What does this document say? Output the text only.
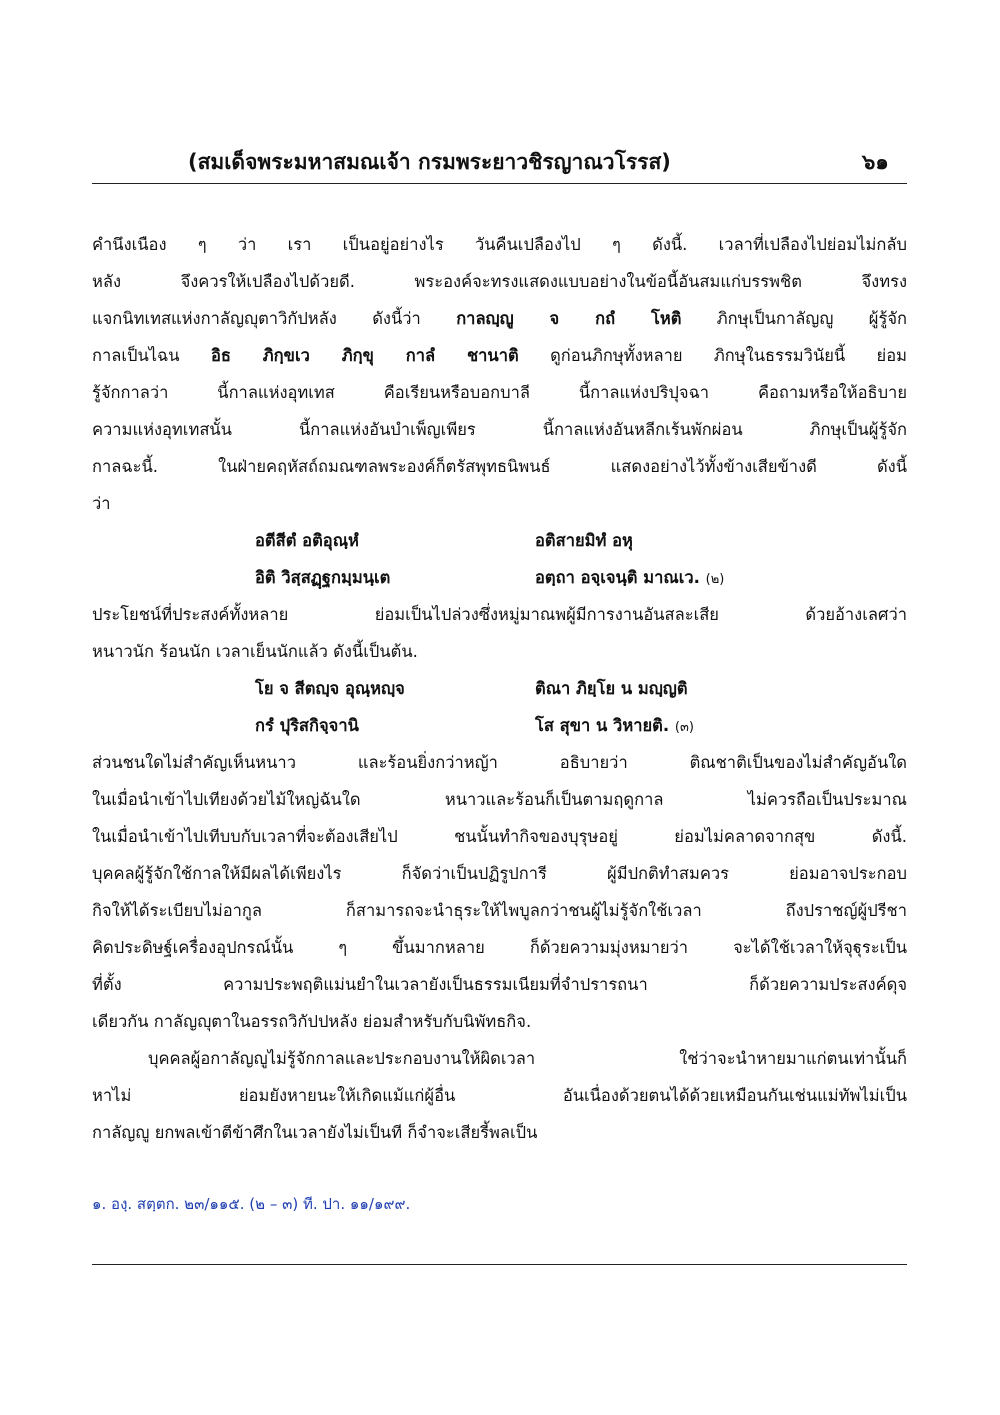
(สมเด็จพระมหาสมณเจ้า กรมพระยาวชิรญาณวโรรส)	๖๑
คำนึงเนือง ๆ ว่า เรา เป็นอยู่อย่างไร วันคืนเปลืองไป ๆ ดังนี้. เวลาที่เปลืองไปย่อมไม่กลับ
หลัง จึงควรให้เปลืองไปด้วยดี. พระองค์จะทรงแสดงแบบอย่างในข้อนี้อันสมแก่บรรพชิต จึงทรง
แจกนิทเทสแห่งกาลัญญุตาวิกัปหลัง ดังนี้ว่า กาลญฺญู จ กถํ โหติ ภิกษุเป็นกาลัญญู ผู้รู้จัก
กาลเป็นไฉน อิธ ภิกฺขเว ภิกฺขุ กาลํ ชานาติ ดูก่อนภิกษุทั้งหลาย ภิกษุในธรรมวินัยนี้ ย่อม
รู้จักกาลว่า นี้กาลแห่งอุทเทส คือเรียนหรือบอกบาลี นี้กาลแห่งปริปุจฉา คือถามหรือให้อธิบาย
ความแห่งอุทเทสนั้น นี้กาลแห่งอันบำเพ็ญเพียร นี้กาลแห่งอันหลีกเร้นพักผ่อน ภิกษุเป็นผู้รู้จัก
กาลฉะนี้. ในฝ่ายคฤหัสถ์ถมณฑลพระองค์ก็ตรัสพุทธนิพนธ์ แสดงอย่างไว้ทั้งข้างเสียข้างดี ดังนี้
ว่า
อตีสีตํ อติอุณฺหํ	อติสายมิทํ อหุ
อิติ วิสฺสฏฺฐกมฺมนฺเต	อตฺถา อจฺเจนฺติ มาณเว. (๒)
ประโยชน์ที่ประสงค์ทั้งหลาย ย่อมเป็นไปล่วงซึ่งหมู่มาณพผู้มีการงานอันสละเสีย ด้วยอ้างเลศว่า
หนาวนัก ร้อนนัก เวลาเย็นนักแล้ว ดังนี้เป็นต้น.
โย จ สีตญฺจ อุณฺหญฺจ	ติณา ภิยฺโย น มญฺญติ
กรํ ปุริสกิจฺจานิ	โส สุขา น วิหายติ. (๓)
ส่วนชนใดไม่สำคัญเห็นหนาว และร้อนยิ่งกว่าหญ้า อธิบายว่า ติณชาติเป็นของไม่สำคัญอันใด
ในเมื่อนำเข้าไปเทียงด้วยไม้ใหญ่ฉันใด หนาวและร้อนก็เป็นตามฤดูกาล ไม่ควรถือเป็นประมาณ
ในเมื่อนำเข้าไปเทีบบกับเวลาที่จะต้องเสียไป ชนนั้นทำกิจของบุรุษอยู่ ย่อมไม่คลาดจากสุข ดังนี้.
บุคคลผู้รู้จักใช้กาลให้มีผลได้เพียงไร ก็จัดว่าเป็นปฏิรูปการี ผู้มีปกติทำสมควร ย่อมอาจประกอบ
กิจให้ได้ระเบียบไม่อากูล ก็สามารถจะนำธุระให้ไพบูลกว่าชนผู้ไม่รู้จักใช้เวลา ถึงปราชญ์ผู้ปรีชา
คิดประดิษฐ์เครื่องอุปกรณ์นั้น ๆ ขึ้นมากหลาย ก็ด้วยความมุ่งหมายว่า จะได้ใช้เวลาให้จุฐุระเป็น
ที่ตั้ง ความประพฤติแม่นยำในเวลายังเป็นธรรมเนียมที่จำปรารถนา ก็ด้วยความประสงค์ดุจ
เดียวกัน กาลัญญุตาในอรรถวิกัปปหลัง ย่อมสำหรับกับนิพัทธกิจ.
บุคคลผู้อกาลัญญูไม่รู้จักกาลและประกอบงานให้ผิดเวลา ใช่ว่าจะนำหายมาแก่ตนเท่านั้นก็
หาไม่ ย่อมยังหายนะให้เกิดแม้แก่ผู้อื่น อันเนื่องด้วยตนได้ด้วยเหมือนกันเช่นแม่ทัพไม่เป็น
กาลัญญู ยกพลเข้าตีข้าศึกในเวลายังไม่เป็นที ก็จำจะเสียรี้พลเป็น
๑. องฺ. สตฺตก. ๒๓/๑๑๕. (๒ – ๓) ที. ปา. ๑๑/๑๙๙.
